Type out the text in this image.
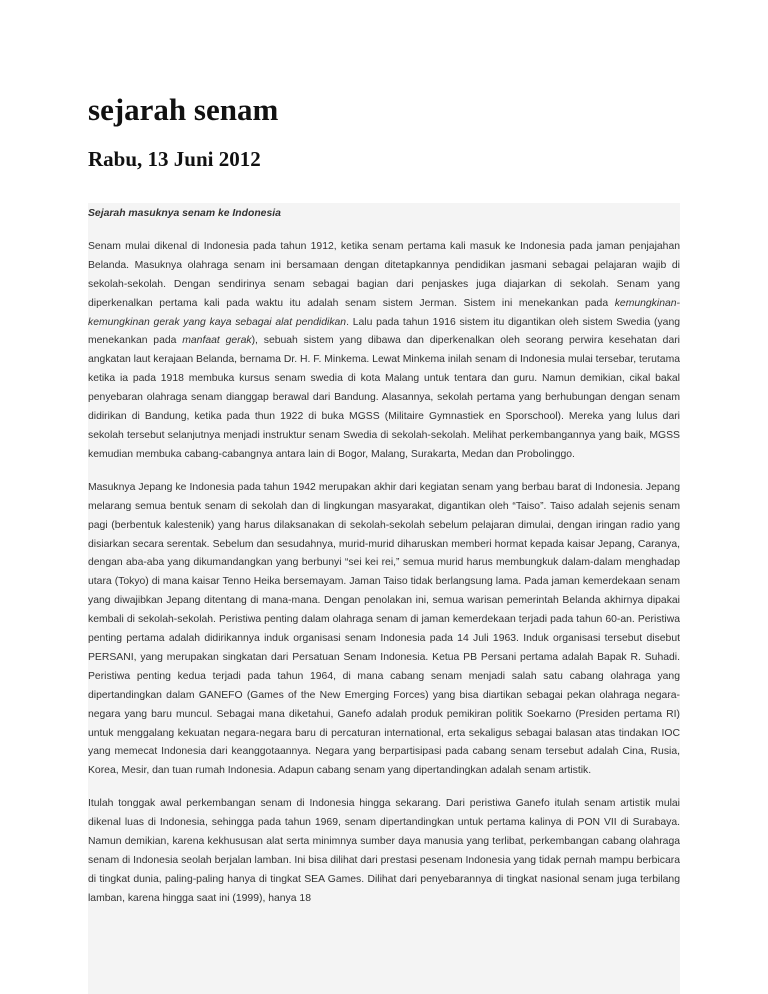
sejarah senam
Rabu, 13 Juni 2012

Sejarah masuknya senam ke Indonesia

Senam mulai dikenal di Indonesia pada tahun 1912, ketika senam pertama kali masuk ke Indonesia pada jaman penjajahan Belanda. Masuknya olahraga senam ini bersamaan dengan ditetapkannya pendidikan jasmani sebagai pelajaran wajib di sekolah-sekolah. Dengan sendirinya senam sebagai bagian dari penjaskes juga diajarkan di sekolah. Senam yang diperkenalkan pertama kali pada waktu itu adalah senam sistem Jerman. Sistem ini menekankan pada kemungkinan-kemungkinan gerak yang kaya sebagai alat pendidikan. Lalu pada tahun 1916 sistem itu digantikan oleh sistem Swedia (yang menekankan pada manfaat gerak), sebuah sistem yang dibawa dan diperkenalkan oleh seorang perwira kesehatan dari angkatan laut kerajaan Belanda, bernama Dr. H. F. Minkema. Lewat Minkema inilah senam di Indonesia mulai tersebar, terutama ketika ia pada 1918 membuka kursus senam swedia di kota Malang untuk tentara dan guru. Namun demikian, cikal bakal penyebaran olahraga senam dianggap berawal dari Bandung. Alasannya, sekolah pertama yang berhubungan dengan senam didirikan di Bandung, ketika pada thun 1922 di buka MGSS (Militaire Gymnastiek en Sporschool). Mereka yang lulus dari sekolah tersebut selanjutnya menjadi instruktur senam Swedia di sekolah-sekolah. Melihat perkembangannya yang baik, MGSS kemudian membuka cabang-cabangnya antara lain di Bogor, Malang, Surakarta, Medan dan Probolinggo.

Masuknya Jepang ke Indonesia pada tahun 1942 merupakan akhir dari kegiatan senam yang berbau barat di Indonesia. Jepang melarang semua bentuk senam di sekolah dan di lingkungan masyarakat, digantikan oleh “Taiso”. Taiso adalah sejenis senam pagi (berbentuk kalestenik) yang harus dilaksanakan di sekolah-sekolah sebelum pelajaran dimulai, dengan iringan radio yang disiarkan secara serentak. Sebelum dan sesudahnya, murid-murid diharuskan memberi hormat kepada kaisar Jepang, Caranya, dengan aba-aba yang dikumandangkan yang berbunyi “sei kei rei,” semua murid harus membungkuk dalam-dalam menghadap utara (Tokyo) di mana kaisar Tenno Heika bersemayam. Jaman Taiso tidak berlangsung lama. Pada jaman kemerdekaan senam yang diwajibkan Jepang ditentang di mana-mana. Dengan penolakan ini, semua warisan pemerintah Belanda akhirnya dipakai kembali di sekolah-sekolah. Peristiwa penting dalam olahraga senam di jaman kemerdekaan terjadi pada tahun 60-an. Peristiwa penting pertama adalah didirikannya induk organisasi senam Indonesia pada 14 Juli 1963. Induk organisasi tersebut disebut PERSANI, yang merupakan singkatan dari Persatuan Senam Indonesia. Ketua PB Persani pertama adalah Bapak R. Suhadi. Peristiwa penting kedua terjadi pada tahun 1964, di mana cabang senam menjadi salah satu cabang olahraga yang dipertandingkan dalam GANEFO (Games of the New Emerging Forces) yang bisa diartikan sebagai pekan olahraga negara-negara yang baru muncul. Sebagai mana diketahui, Ganefo adalah produk pemikiran politik Soekarno (Presiden pertama RI) untuk menggalang kekuatan negara-negara baru di percaturan international, erta sekaligus sebagai balasan atas tindakan IOC yang memecat Indonesia dari keanggotaannya. Negara yang berpartisipasi pada cabang senam tersebut adalah Cina, Rusia, Korea, Mesir, dan tuan rumah Indonesia. Adapun cabang senam yang dipertandingkan adalah senam artistik.

Itulah tonggak awal perkembangan senam di Indonesia hingga sekarang. Dari peristiwa Ganefo itulah senam artistik mulai dikenal luas di Indonesia, sehingga pada tahun 1969, senam dipertandingkan untuk pertama kalinya di PON VII di Surabaya. Namun demikian, karena kekhususan alat serta minimnya sumber daya manusia yang terlibat, perkembangan cabang olahraga senam di Indonesia seolah berjalan lamban. Ini bisa dilihat dari prestasi pesenam Indonesia yang tidak pernah mampu berbicara di tingkat dunia, paling-paling hanya di tingkat SEA Games. Dilihat dari penyebarannya di tingkat nasional senam juga terbilang lamban, karena hingga saat ini (1999), hanya 18
